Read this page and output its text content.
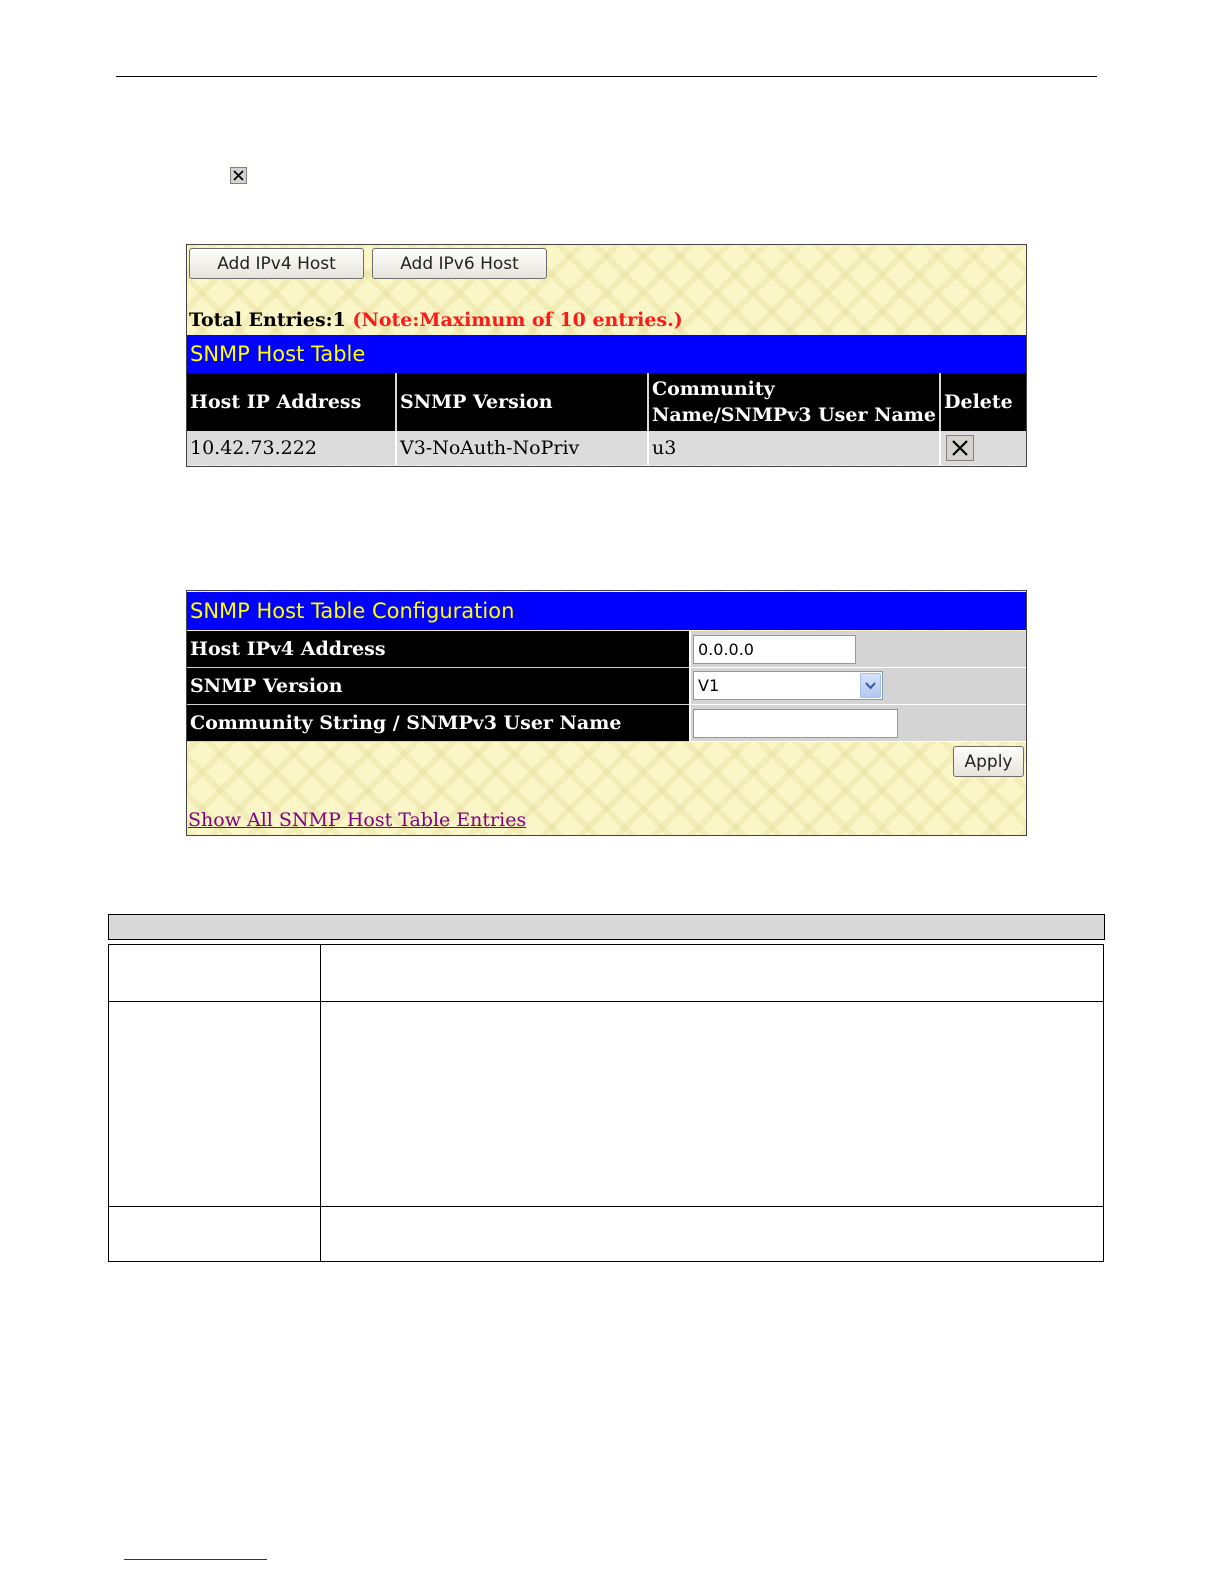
Add IPv4 Host	Add IPv6 Host
Total Entries:1 (Note:Maximum of 10 entries.)
SNMP Host Table
Host IP Address	SNMP Version	Community Name/SNMPv3 User Name	Delete
10.42.73.222	V3-NoAuth-NoPriv	u3	
SNMP Host Table Configuration
Host IPv4 Address	0.0.0.0
SNMP Version	V1
Community String / SNMPv3 User Name
Apply
Show All SNMP Host Table Entries
